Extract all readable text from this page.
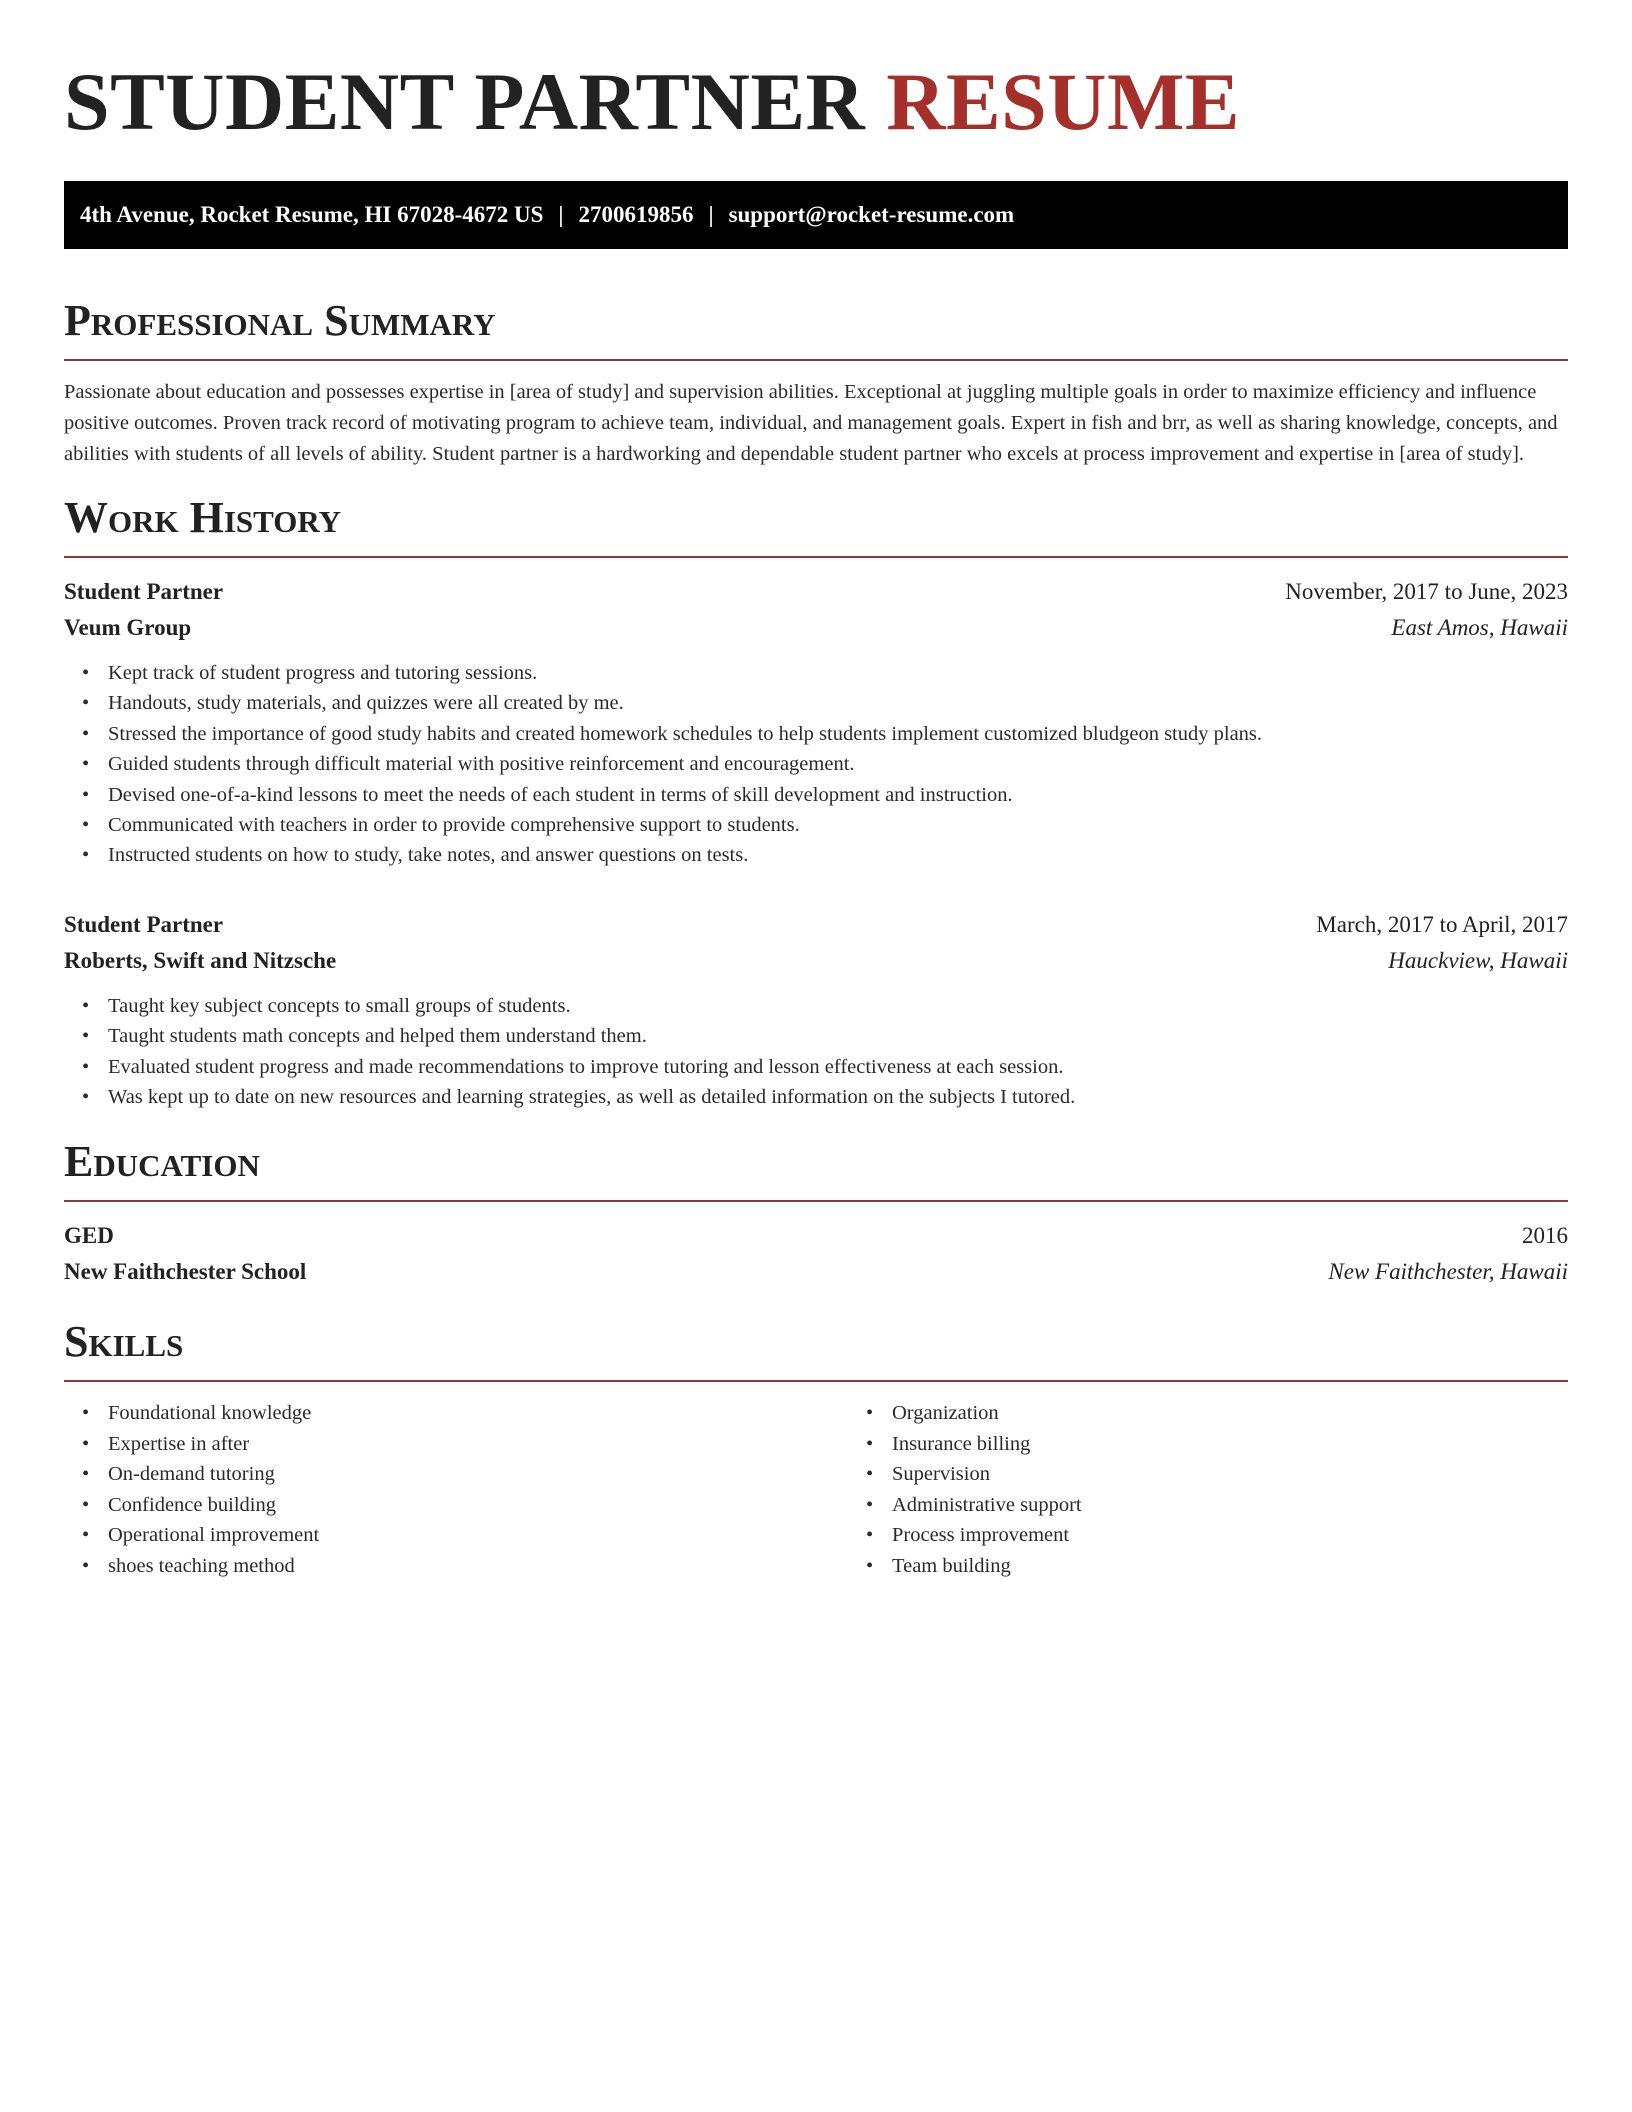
STUDENT PARTNER RESUME
4th Avenue, Rocket Resume, HI 67028-4672 US | 2700619856 | support@rocket-resume.com
Professional Summary

Passionate about education and possesses expertise in [area of study] and supervision abilities. Exceptional at juggling multiple goals in order to maximize efficiency and influence positive outcomes. Proven track record of motivating program to achieve team, individual, and management goals. Expert in fish and brr, as well as sharing knowledge, concepts, and abilities with students of all levels of ability. Student partner is a hardworking and dependable student partner who excels at process improvement and expertise in [area of study].

Work History
Student Partner	November, 2017 to June, 2023
Veum Group	East Amos, Hawaii
• Kept track of student progress and tutoring sessions.
• Handouts, study materials, and quizzes were all created by me.
• Stressed the importance of good study habits and created homework schedules to help students implement customized bludgeon study plans.
• Guided students through difficult material with positive reinforcement and encouragement.
• Devised one-of-a-kind lessons to meet the needs of each student in terms of skill development and instruction.
• Communicated with teachers in order to provide comprehensive support to students.
• Instructed students on how to study, take notes, and answer questions on tests.
Student Partner	March, 2017 to April, 2017
Roberts, Swift and Nitzsche	Hauckview, Hawaii
• Taught key subject concepts to small groups of students.
• Taught students math concepts and helped them understand them.
• Evaluated student progress and made recommendations to improve tutoring and lesson effectiveness at each session.
• Was kept up to date on new resources and learning strategies, as well as detailed information on the subjects I tutored.
Education
GED	2016
New Faithchester School	New Faithchester, Hawaii
Skills
• Foundational knowledge
• Expertise in after
• On-demand tutoring
• Confidence building
• Operational improvement
• shoes teaching method
• Organization
• Insurance billing
• Supervision
• Administrative support
• Process improvement
• Team building
